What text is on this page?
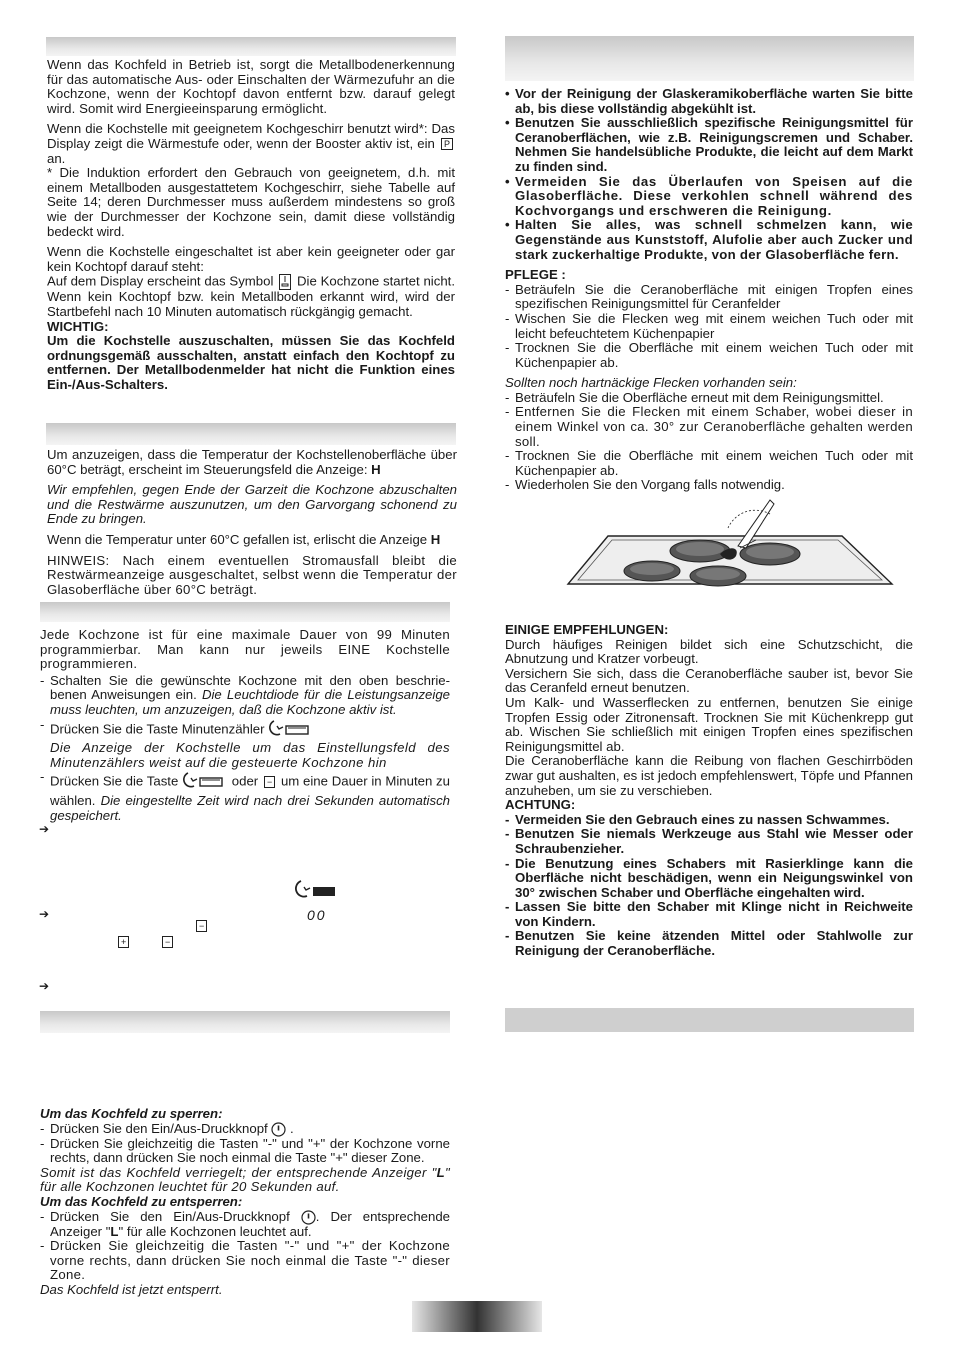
Wenn das Kochfeld in Betrieb ist, sorgt die Metallbodenerkennung für das automatische Aus- oder Einschalten der Wärmezufuhr an die Kochzone, wenn der Kochtopf davon entfernt bzw. darauf gelegt wird. Somit wird Energieeinsparung ermöglicht.

Wenn die Kochstelle mit geeignetem Kochgeschirr benutzt wird*: Das Display zeigt die Wärmestufe oder, wenn der Booster aktiv ist, ein P an.

* Die Induktion erfordert den Gebrauch von geeignetem, d.h. mit einem Metallboden ausgestattetem Kochgeschirr, siehe Tabelle auf Seite 14; deren Durchmesser muss außerdem mindestens so groß wie der Durchmesser der Kochzone sein, damit diese vollständig bedeckt wird.

Wenn die Kochstelle eingeschaltet ist aber kein geeigneter oder gar kein Kochtopf darauf steht:

Auf dem Display erscheint das Symbol Die Kochzone startet nicht. Wenn kein Kochtopf bzw. kein Metallboden erkannt wird, wird der Startbefehl nach 10 Minuten automatisch rückgängig gemacht.

WICHTIG:

Um die Kochstelle auszuschalten, müssen Sie das Kochfeld ordnungsgemäß ausschalten, anstatt einfach den Kochtopf zu entfernen. Der Metallbodenmelder hat nicht die Funktion eines Ein-/Aus-Schalters.

Um anzuzeigen, dass die Temperatur der Kochstellenoberfläche über 60°C beträgt, erscheint im Steuerungsfeld die Anzeige: H

Wir empfehlen, gegen Ende der Garzeit die Kochzone abzuschalten und die Restwärme auszunutzen, um den Garvorgang schonend zu Ende zu bringen.

Wenn die Temperatur unter 60°C gefallen ist, erlischt die Anzeige H

HINWEIS: Nach einem eventuellen Stromausfall bleibt die Restwärmeanzeige ausgeschaltet, selbst wenn die Temperatur der Glasoberfläche über 60°C beträgt.

Jede Kochzone ist für eine maximale Dauer von 99 Minuten programmierbar. Man kann nur jeweils EINE Kochstelle programmieren.

- Schalten Sie die gewünschte Kochzone mit den oben beschrie-benen Anweisungen ein. Die Leuchtdiode für die Leistungsanzeige muss leuchten, um anzuzeigen, daß die Kochzone aktiv ist.
- Drücken Sie die Taste Minutenzähler
Die Anzeige der Kochstelle um das Einstellungsfeld des Minutenzählers weist auf die gesteuerte Kochzone hin
- Drücken Sie die Taste	oder − um eine Dauer in Minuten zu wählen. Die eingestellte Zeit wird nach drei Sekunden automatisch gespeichert.
➔
➔	00
−
+	−
➔
Um das Kochfeld zu sperren:
- Drücken Sie den Ein/Aus-Druckknopf .
- Drücken Sie gleichzeitig die Tasten "-" und "+" der Kochzone vorne rechts, dann drücken Sie noch einmal die Taste "+" dieser Zone.
Somit ist das Kochfeld verriegelt; der entsprechende Anzeiger "L" für alle Kochzonen leuchtet für 20 Sekunden auf.
Um das Kochfeld zu entsperren:
- Drücken Sie den Ein/Aus-Druckknopf . Der entsprechende Anzeiger "L" für alle Kochzonen leuchtet auf.
- Drücken Sie gleichzeitig die Tasten "-" und "+" der Kochzone vorne rechts, dann drücken Sie noch einmal die Taste "-" dieser Zone.
Das Kochfeld ist jetzt entsperrt.
• Vor der Reinigung der Glaskeramikoberfläche warten Sie bitte ab, bis diese vollständig abgekühlt ist.
• Benutzen Sie ausschließlich spezifische Reinigungsmittel für Ceranoberflächen, wie z.B. Reinigungscremen und Schaber. Nehmen Sie handelsübliche Produkte, die leicht auf dem Markt zu finden sind.
• Vermeiden Sie das Überlaufen von Speisen auf die Glasoberfläche. Diese verkohlen schnell während des Kochvorgangs und erschweren die Reinigung.
• Halten Sie alles, was schnell schmelzen kann, wie Gegenstände aus Kunststoff, Alufolie aber auch Zucker und stark zuckerhaltige Produkte, von der Glasoberfläche fern.
PFLEGE :
- Beträufeln Sie die Ceranoberfläche mit einigen Tropfen eines spezifischen Reinigungsmittel für Ceranfelder
- Wischen Sie die Flecken weg mit einem weichen Tuch oder mit leicht befeuchtetem Küchenpapier
- Trocknen Sie die Oberfläche mit einem weichen Tuch oder mit Küchenpapier ab.
Sollten noch hartnäckige Flecken vorhanden sein:
- Beträufeln Sie die Oberfläche erneut mit dem Reinigungsmittel.
- Entfernen Sie die Flecken mit einem Schaber, wobei dieser in einem Winkel von ca. 30° zur Ceranoberfläche gehalten werden soll.
- Trocknen Sie die Oberfläche mit einem weichen Tuch oder mit Küchenpapier ab.
- Wiederholen Sie den Vorgang falls notwendig.
EINIGE EMPFEHLUNGEN:

Durch häufiges Reinigen bildet sich eine Schutzschicht, die Abnutzung und Kratzer vorbeugt.

Versichern Sie sich, dass die Ceranoberfläche sauber ist, bevor Sie das Ceranfeld erneut benutzen.

Um Kalk- und Wasserflecken zu entfernen, benutzen Sie einige Tropfen Essig oder Zitronensaft. Trocknen Sie mit Küchenkrepp gut ab. Wischen Sie schließlich mit einigen Tropfen eines spezifischen Reinigungsmittel ab.

Die Ceranoberfläche kann die Reibung von flachen Geschirrböden zwar gut aushalten, es ist jedoch empfehlenswert, Töpfe und Pfannen anzuheben, um sie zu verschieben.

ACHTUNG:
- Vermeiden Sie den Gebrauch eines zu nassen Schwammes.
- Benutzen Sie niemals Werkzeuge aus Stahl wie Messer oder Schraubenzieher.
- Die Benutzung eines Schabers mit Rasierklinge kann die Oberfläche nicht beschädigen, wenn ein Neigungswinkel von 30° zwischen Schaber und Oberfläche eingehalten wird.
- Lassen Sie bitte den Schaber mit Klinge nicht in Reichweite von Kindern.
- Benutzen Sie keine ätzenden Mittel oder Stahlwolle zur Reinigung der Ceranoberfläche.
